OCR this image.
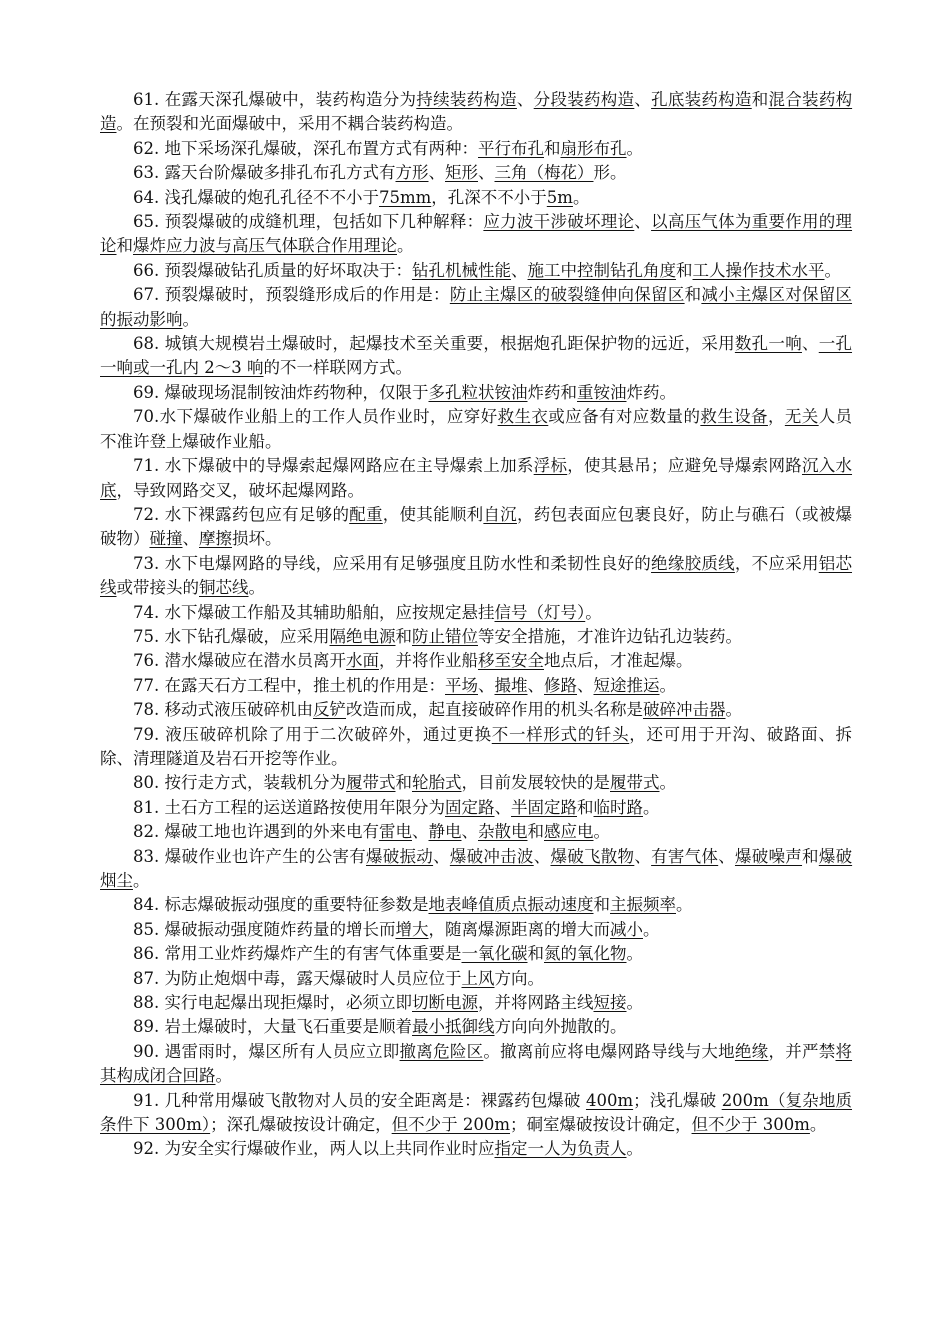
61. 在露天深孔爆破中，装药构造分为持续装药构造、分段装药构造、孔底装药构造和混合装药构造。在预裂和光面爆破中，采用不耦合装药构造。

62. 地下采场深孔爆破，深孔布置方式有两种：平行布孔和扇形布孔。

63. 露天台阶爆破多排孔布孔方式有方形、矩形、三角（梅花）形。

64. 浅孔爆破的炮孔孔径不不小于75mm，孔深不不小于5m。

65. 预裂爆破的成缝机理，包括如下几种解释：应力波干涉破坏理论、以高压气体为重要作用的理论和爆炸应力波与高压气体联合作用理论。

66. 预裂爆破钻孔质量的好坏取决于：钻孔机械性能、施工中控制钻孔角度和工人操作技术水平。

67. 预裂爆破时，预裂缝形成后的作用是：防止主爆区的破裂缝伸向保留区和减小主爆区对保留区的振动影响。

68. 城镇大规模岩土爆破时，起爆技术至关重要，根据炮孔距保护物的远近，采用数孔一响、一孔一响或一孔内 2～3 响的不一样联网方式。

69. 爆破现场混制铵油炸药物种，仅限于多孔粒状铵油炸药和重铵油炸药。

70.水下爆破作业船上的工作人员作业时，应穿好救生衣或应备有对应数量的救生设备，无关人员不准许登上爆破作业船。

71. 水下爆破中的导爆索起爆网路应在主导爆索上加系浮标，使其悬吊；应避免导爆索网路沉入水底，导致网路交叉，破坏起爆网路。

72. 水下裸露药包应有足够的配重，使其能顺利自沉，药包表面应包裹良好，防止与礁石（或被爆破物）碰撞、摩擦损坏。

73. 水下电爆网路的导线，应采用有足够强度且防水性和柔韧性良好的绝缘胶质线，不应采用铝芯线或带接头的铜芯线。

74. 水下爆破工作船及其辅助船舶，应按规定悬挂信号（灯号）。

75. 水下钻孔爆破，应采用隔绝电源和防止错位等安全措施，才准许边钻孔边装药。

76. 潜水爆破应在潜水员离开水面，并将作业船移至安全地点后，才准起爆。

77. 在露天石方工程中，推土机的作用是：平场、撮堆、修路、短途推运。

78. 移动式液压破碎机由反铲改造而成，起直接破碎作用的机头名称是破碎冲击器。

79. 液压破碎机除了用于二次破碎外，通过更换不一样形式的钎头，还可用于开沟、破路面、拆除、清理隧道及岩石开挖等作业。

80. 按行走方式，装载机分为履带式和轮胎式，目前发展较快的是履带式。

81. 土石方工程的运送道路按使用年限分为固定路、半固定路和临时路。

82. 爆破工地也许遇到的外来电有雷电、静电、杂散电和感应电。

83. 爆破作业也许产生的公害有爆破振动、爆破冲击波、爆破飞散物、有害气体、爆破噪声和爆破烟尘。

84. 标志爆破振动强度的重要特征参数是地表峰值质点振动速度和主振频率。

85. 爆破振动强度随炸药量的增长而增大，随离爆源距离的增大而减小。

86. 常用工业炸药爆炸产生的有害气体重要是一氧化碳和氮的氧化物。

87. 为防止炮烟中毒，露天爆破时人员应位于上风方向。

88. 实行电起爆出现拒爆时，必须立即切断电源，并将网路主线短接。

89. 岩土爆破时，大量飞石重要是顺着最小抵御线方向向外抛散的。

90. 遇雷雨时，爆区所有人员应立即撤离危险区。撤离前应将电爆网路导线与大地绝缘，并严禁将其构成闭合回路。

91. 几种常用爆破飞散物对人员的安全距离是：裸露药包爆破 400m；浅孔爆破 200m（复杂地质条件下 300m）；深孔爆破按设计确定，但不少于 200m；硐室爆破按设计确定，但不少于 300m。

92. 为安全实行爆破作业，两人以上共同作业时应指定一人为负责人。
